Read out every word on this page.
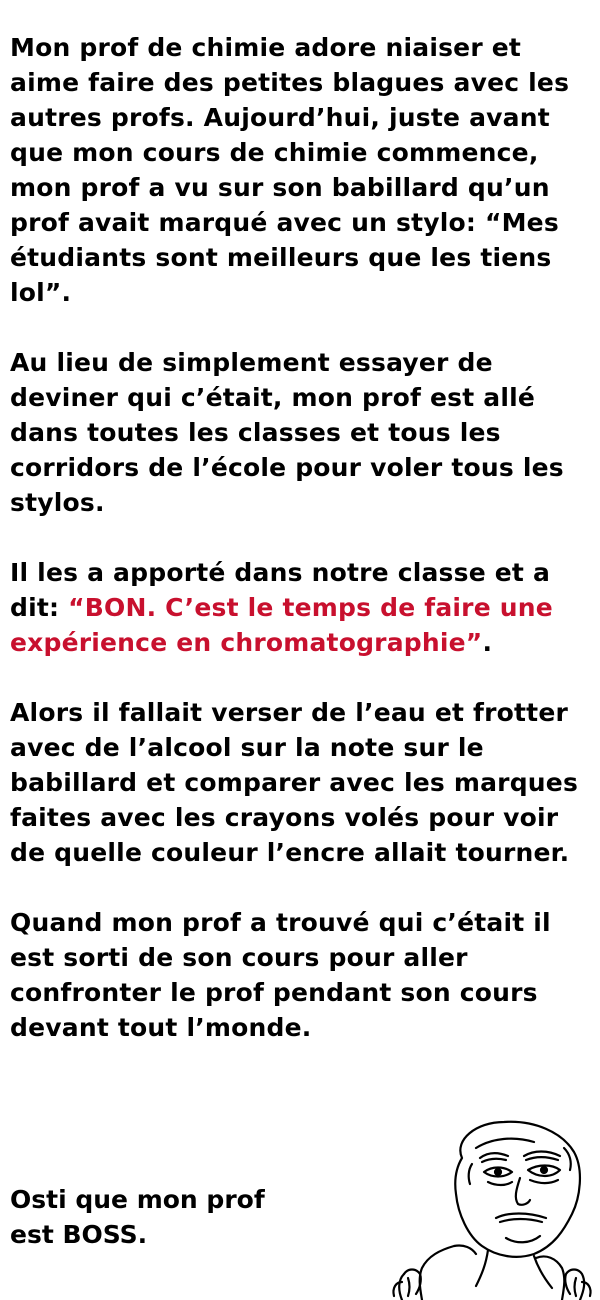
Mon prof de chimie adore niaiser et aime faire des petites blagues avec les autres profs. Aujourd’hui, juste avant que mon cours de chimie commence, mon prof a vu sur son babillard qu’un prof avait marqué avec un stylo: “Mes étudiants sont meilleurs que les tiens lol”.

Au lieu de simplement essayer de deviner qui c’était, mon prof est allé dans toutes les classes et tous les corridors de l’école pour voler tous les stylos.

Il les a apporté dans notre classe et a dit: “BON. C’est le temps de faire une expérience en chromatographie”.

Alors il fallait verser de l’eau et frotter avec de l’alcool sur la note sur le babillard et comparer avec les marques faites avec les crayons volés pour voir de quelle couleur l’encre allait tourner.

Quand mon prof a trouvé qui c’était il est sorti de son cours pour aller confronter le prof pendant son cours devant tout l’monde.

Osti que mon prof
est BOSS.
